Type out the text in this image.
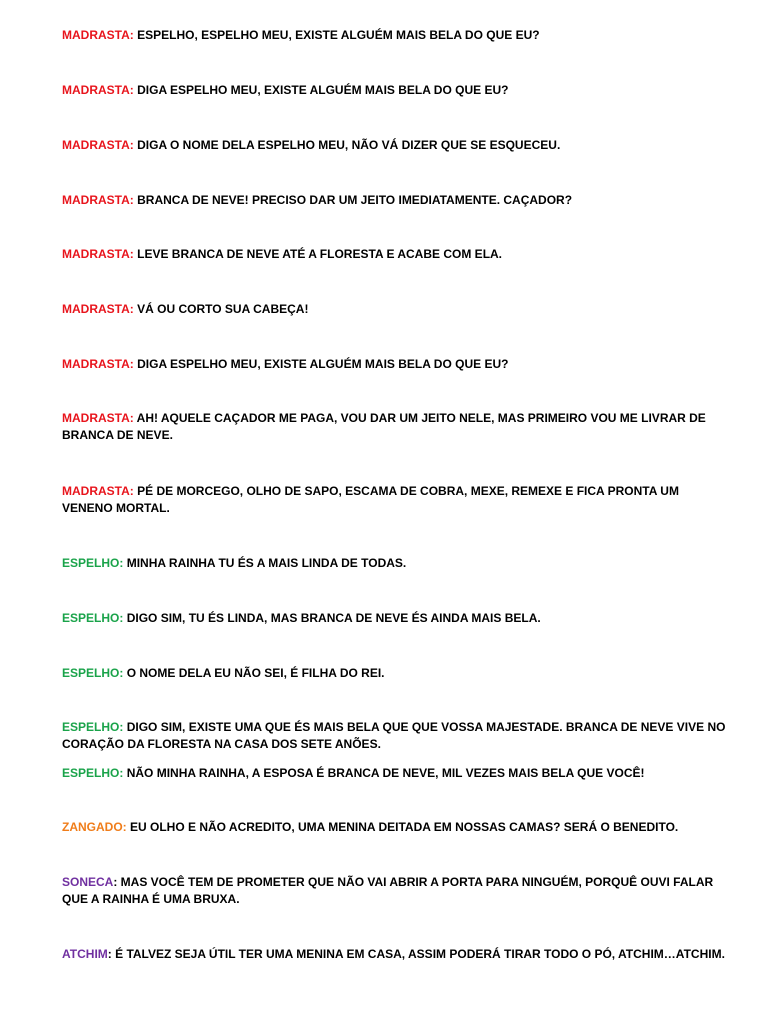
MADRASTA: ESPELHO, ESPELHO MEU, EXISTE ALGUÉM MAIS BELA DO QUE EU?

MADRASTA: DIGA ESPELHO MEU, EXISTE ALGUÉM MAIS BELA DO QUE EU?

MADRASTA: DIGA O NOME DELA ESPELHO MEU, NÃO VÁ DIZER QUE SE ESQUECEU.

MADRASTA: BRANCA DE NEVE! PRECISO DAR UM JEITO IMEDIATAMENTE. CAÇADOR?

MADRASTA: LEVE BRANCA DE NEVE ATÉ A FLORESTA E ACABE COM ELA.

MADRASTA: VÁ OU CORTO SUA CABEÇA!

MADRASTA: DIGA ESPELHO MEU, EXISTE ALGUÉM MAIS BELA DO QUE EU?

MADRASTA: AH! AQUELE CAÇADOR ME PAGA, VOU DAR UM JEITO NELE, MAS PRIMEIRO VOU ME LIVRAR DE BRANCA DE NEVE.

MADRASTA: PÉ DE MORCEGO, OLHO DE SAPO, ESCAMA DE COBRA, MEXE, REMEXE E FICA PRONTA UM VENENO MORTAL.

ESPELHO: MINHA RAINHA TU ÉS A MAIS LINDA DE TODAS.

ESPELHO: DIGO SIM, TU ÉS LINDA, MAS BRANCA DE NEVE ÉS AINDA MAIS BELA.

ESPELHO: O NOME DELA EU NÃO SEI, É FILHA DO REI.

ESPELHO: DIGO SIM, EXISTE UMA QUE ÉS MAIS BELA QUE QUE VOSSA MAJESTADE. BRANCA DE NEVE VIVE NO CORAÇÃO DA FLORESTA NA CASA DOS SETE ANÕES.

ESPELHO: NÃO MINHA RAINHA, A ESPOSA É BRANCA DE NEVE, MIL VEZES MAIS BELA QUE VOCÊ!

ZANGADO: EU OLHO E NÃO ACREDITO, UMA MENINA DEITADA EM NOSSAS CAMAS? SERÁ O BENEDITO.

SONECA: MAS VOCÊ TEM DE PROMETER QUE NÃO VAI ABRIR A PORTA PARA NINGUÉM, PORQUÊ OUVI FALAR QUE A RAINHA É UMA BRUXA.

ATCHIM: É TALVEZ SEJA ÚTIL TER UMA MENINA EM CASA, ASSIM PODERÁ TIRAR TODO O PÓ, ATCHIM…ATCHIM.
